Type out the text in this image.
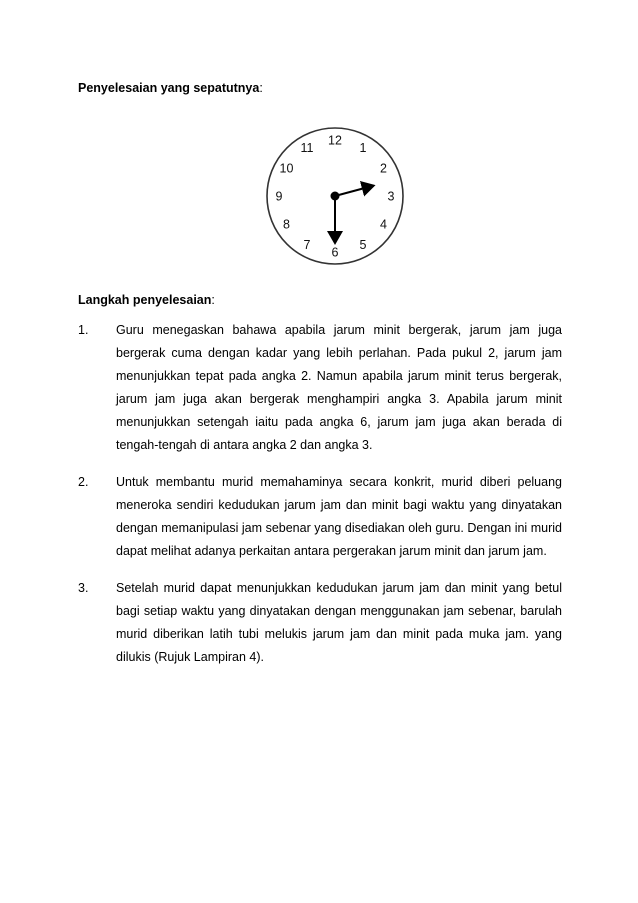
Penyelesaian yang sepatutnya:
12
1
2
3
4
5
6
7
8
9
10
11
Langkah penyelesaian:
1. Guru menegaskan bahawa apabila jarum minit bergerak, jarum jam juga bergerak cuma dengan kadar yang lebih perlahan. Pada pukul 2, jarum jam menunjukkan tepat pada angka 2. Namun apabila jarum minit terus bergerak, jarum jam juga akan bergerak menghampiri angka 3. Apabila jarum minit menunjukkan setengah iaitu pada angka 6, jarum jam juga akan berada di tengah-tengah di antara angka 2 dan angka 3.
2. Untuk membantu murid memahaminya secara konkrit, murid diberi peluang meneroka sendiri kedudukan jarum jam dan minit bagi waktu yang dinyatakan dengan memanipulasi jam sebenar yang disediakan oleh guru. Dengan ini murid dapat melihat adanya perkaitan antara pergerakan jarum minit dan jarum jam.
3. Setelah murid dapat menunjukkan kedudukan jarum jam dan minit yang betul bagi setiap waktu yang dinyatakan dengan menggunakan jam sebenar, barulah murid diberikan latih tubi melukis jarum jam dan minit pada muka jam. yang dilukis (Rujuk Lampiran 4).
